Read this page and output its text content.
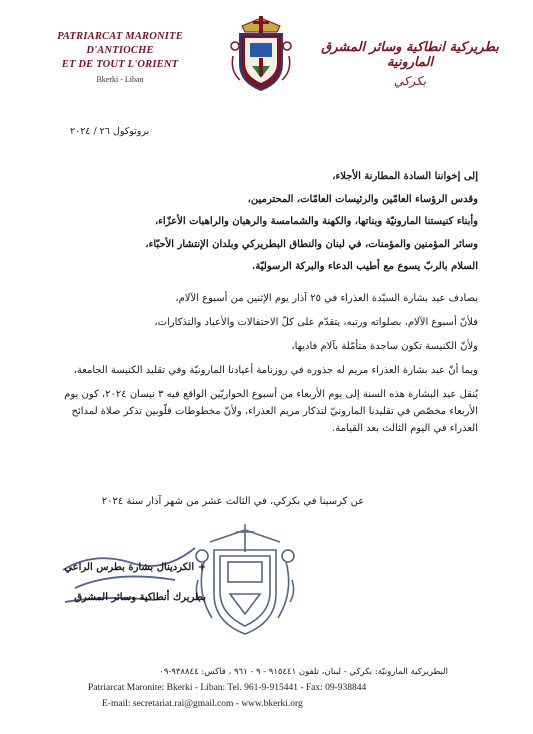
PATRIARCAT MARONITE D'ANTIOCHE
ET DE TOUT L'ORIENT
Bkerki - Liban
بطريركية انطاكية وسائر المشرق المارونية
بكركي
بروتوكول ٢٦ / ٢٠٢٤
إلى إخواننا السادة المطارنة الأجلاء،
وقدس الرؤساء العامّين والرئيسات العامّات، المحترمين،
وأبناء كنيستنا المارونيّة وبناتها، والكهنة والشمامسة والرهبان والراهبات الأعزّاء،
وسائر المؤمنين والمؤمنات، في لبنان والنطاق البطريركي وبلدان الإنتشار الأحبّاء،
السلام بالربّ يسوع مع أطيب الدعاء والبركة الرسوليّة.
يصادف عيد بشارة السيّدة العذراء في ٢٥ آذار يوم الإثنين من أسبوع الآلام،
فلأنّ أسبوع الآلام، بصلواته ورتبه، يتقدّم على كلّ الاحتفالات والأعياد والتذكارات،
ولأنّ الكنيسة تكون ساجدة متأمّلة بآلام فاديها،
وبما أنّ عيد بشارة العذراء مريم له جذوره في روزنامة أعيادنا المارونيّة وفي تقليد الكنيسة الجامعة،
يُنقل عيد البشارة هذه السنة إلى يوم الأربعاء من أسبوع الحواريّين الواقع فيه ٣ نيسان ٢٠٢٤، كون يوم الأربعاء مخصّص في تقليدنا المارونيّ لتذكار مريم العذراء، ولأنّ مخطوطات قلّوبين تذكر صلاة لمدائح العذراء في اليوم الثالث بعد القيامة.
عن كرسينا في بكركي، في الثالث عشر من شهر آذار سنة ٢٠٢٤
+ الكردينال بشارة بطرس الراعي
بطريرك أنطاكية وسائر المشرق
البطريركية المارونيّة: بكركي - لبنان، تلفون ٩١٥٤٤١ - ٩ - ٩٦١ ، فاكس: ٩٣٨٨٤٤-٠٩
Patriarcat Maronite: Bkerki - Liban: Tel. 961-9-915441 - Fax: 09-938844
E-mail: secretariat.rai@gmail.com - www.bkerki.org
